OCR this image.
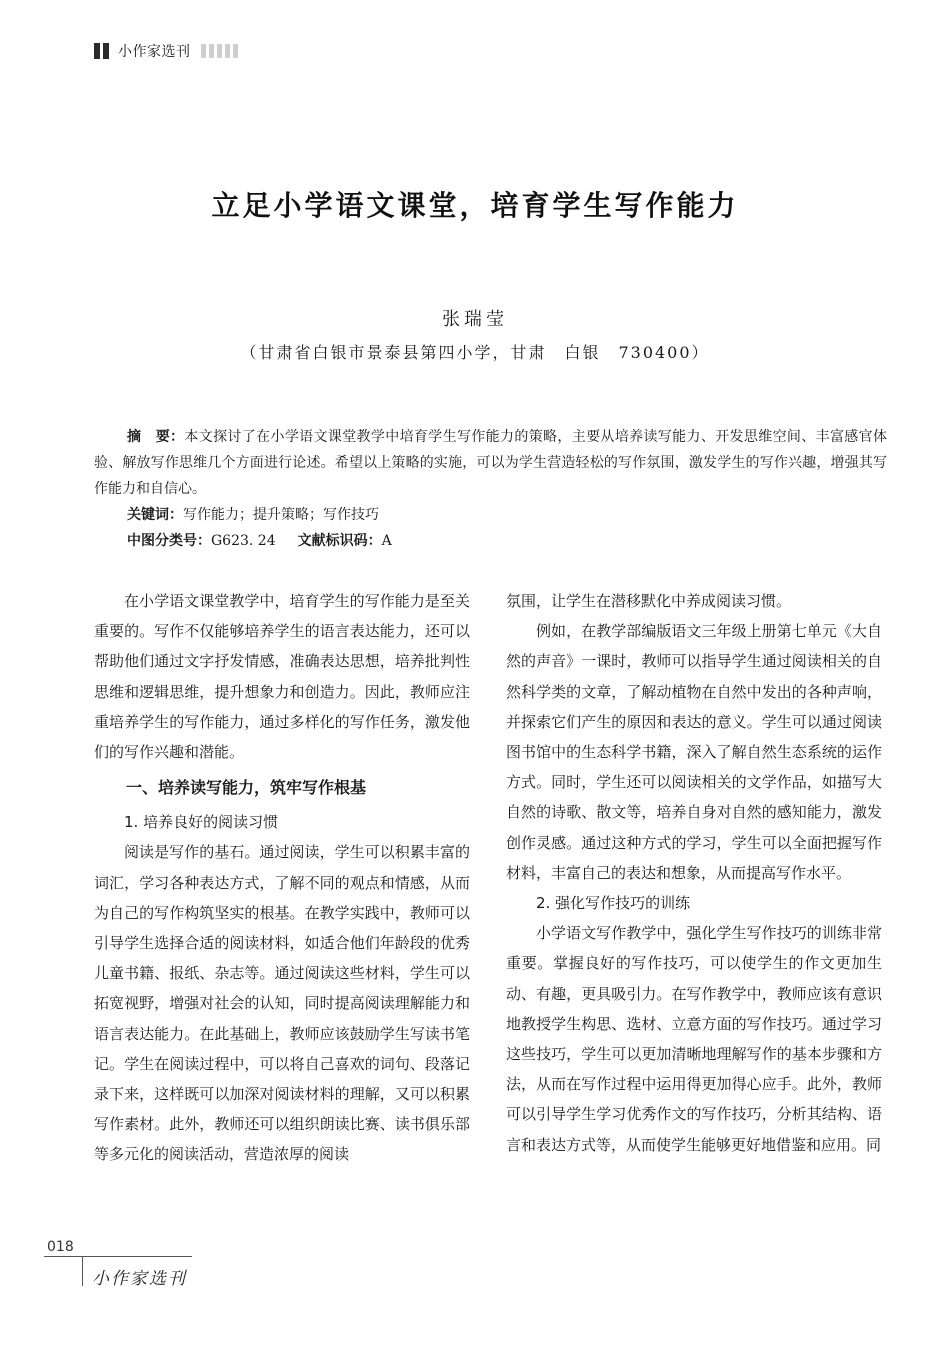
小作家选刊
立足小学语文课堂，培育学生写作能力
张瑞莹
（甘肃省白银市景泰县第四小学，甘肃　白银　730400）

摘　要：本文探讨了在小学语文课堂教学中培育学生写作能力的策略，主要从培养读写能力、开发思维空间、丰富感官体验、解放写作思维几个方面进行论述。希望以上策略的实施，可以为学生营造轻松的写作氛围，激发学生的写作兴趣，增强其写作能力和自信心。

关键词：写作能力；提升策略；写作技巧

中图分类号：G623. 24 文献标识码：A

在小学语文课堂教学中，培育学生的写作能力是至关重要的。写作不仅能够培养学生的语言表达能力，还可以帮助他们通过文字抒发情感，准确表达思想，培养批判性思维和逻辑思维，提升想象力和创造力。因此，教师应注重培养学生的写作能力，通过多样化的写作任务，激发他们的写作兴趣和潜能。

一、培养读写能力，筑牢写作根基
1. 培养良好的阅读习惯

阅读是写作的基石。通过阅读，学生可以积累丰富的词汇，学习各种表达方式，了解不同的观点和情感，从而为自己的写作构筑坚实的根基。在教学实践中，教师可以引导学生选择合适的阅读材料，如适合他们年龄段的优秀儿童书籍、报纸、杂志等。通过阅读这些材料，学生可以拓宽视野，增强对社会的认知，同时提高阅读理解能力和语言表达能力。在此基础上，教师应该鼓励学生写读书笔记。学生在阅读过程中，可以将自己喜欢的词句、段落记录下来，这样既可以加深对阅读材料的理解，又可以积累写作素材。此外，教师还可以组织朗读比赛、读书俱乐部等多元化的阅读活动，营造浓厚的阅读

氛围，让学生在潜移默化中养成阅读习惯。

例如，在教学部编版语文三年级上册第七单元《大自然的声音》一课时，教师可以指导学生通过阅读相关的自然科学类的文章，了解动植物在自然中发出的各种声响，并探索它们产生的原因和表达的意义。学生可以通过阅读图书馆中的生态科学书籍，深入了解自然生态系统的运作方式。同时，学生还可以阅读相关的文学作品，如描写大自然的诗歌、散文等，培养自身对自然的感知能力，激发创作灵感。通过这种方式的学习，学生可以全面把握写作材料，丰富自己的表达和想象，从而提高写作水平。

2. 强化写作技巧的训练

小学语文写作教学中，强化学生写作技巧的训练非常重要。掌握良好的写作技巧，可以使学生的作文更加生动、有趣，更具吸引力。在写作教学中，教师应该有意识地教授学生构思、选材、立意方面的写作技巧。通过学习这些技巧，学生可以更加清晰地理解写作的基本步骤和方法，从而在写作过程中运用得更加得心应手。此外，教师可以引导学生学习优秀作文的写作技巧，分析其结构、语言和表达方式等，从而使学生能够更好地借鉴和应用。同

018
小作家选刊
